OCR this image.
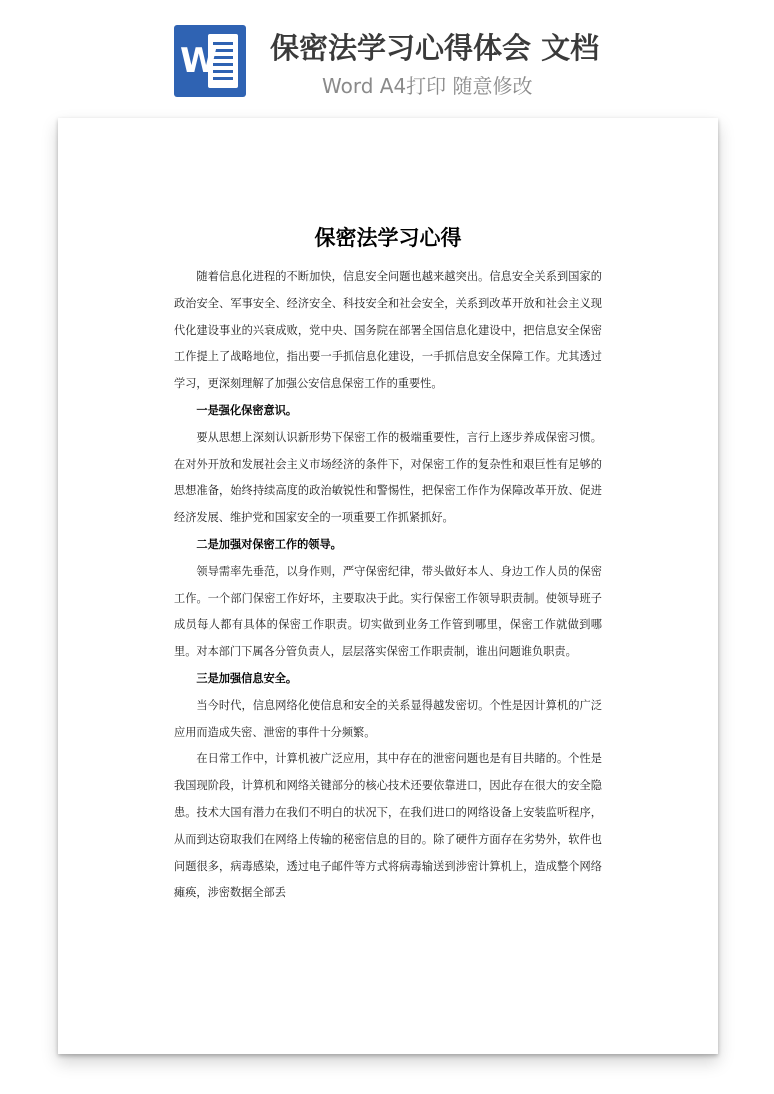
W 保密法学习心得体会 文档
Word A4打印 随意修改
保密法学习心得

随着信息化进程的不断加快，信息安全问题也越来越突出。信息安全关系到国家的政治安全、军事安全、经济安全、科技安全和社会安全，关系到改革开放和社会主义现代化建设事业的兴衰成败，党中央、国务院在部署全国信息化建设中，把信息安全保密工作提上了战略地位，指出要一手抓信息化建设，一手抓信息安全保障工作。尤其透过学习，更深刻理解了加强公安信息保密工作的重要性。

一是强化保密意识。

要从思想上深刻认识新形势下保密工作的极端重要性，言行上逐步养成保密习惯。在对外开放和发展社会主义市场经济的条件下，对保密工作的复杂性和艰巨性有足够的思想准备，始终持续高度的政治敏锐性和警惕性，把保密工作作为保障改革开放、促进经济发展、维护党和国家安全的一项重要工作抓紧抓好。

二是加强对保密工作的领导。

领导需率先垂范，以身作则，严守保密纪律，带头做好本人、身边工作人员的保密工作。一个部门保密工作好坏，主要取决于此。实行保密工作领导职责制。使领导班子成员每人都有具体的保密工作职责。切实做到业务工作管到哪里，保密工作就做到哪里。对本部门下属各分管负责人，层层落实保密工作职责制，谁出问题谁负职责。

三是加强信息安全。

当今时代，信息网络化使信息和安全的关系显得越发密切。个性是因计算机的广泛应用而造成失密、泄密的事件十分频繁。

在日常工作中，计算机被广泛应用，其中存在的泄密问题也是有目共睹的。个性是我国现阶段，计算机和网络关键部分的核心技术还要依靠进口，因此存在很大的安全隐患。技术大国有潜力在我们不明白的状况下，在我们进口的网络设备上安装监听程序，从而到达窃取我们在网络上传输的秘密信息的目的。除了硬件方面存在劣势外，软件也问题很多，病毒感染，透过电子邮件等方式将病毒输送到涉密计算机上，造成整个网络瘫痪，涉密数据全部丢
